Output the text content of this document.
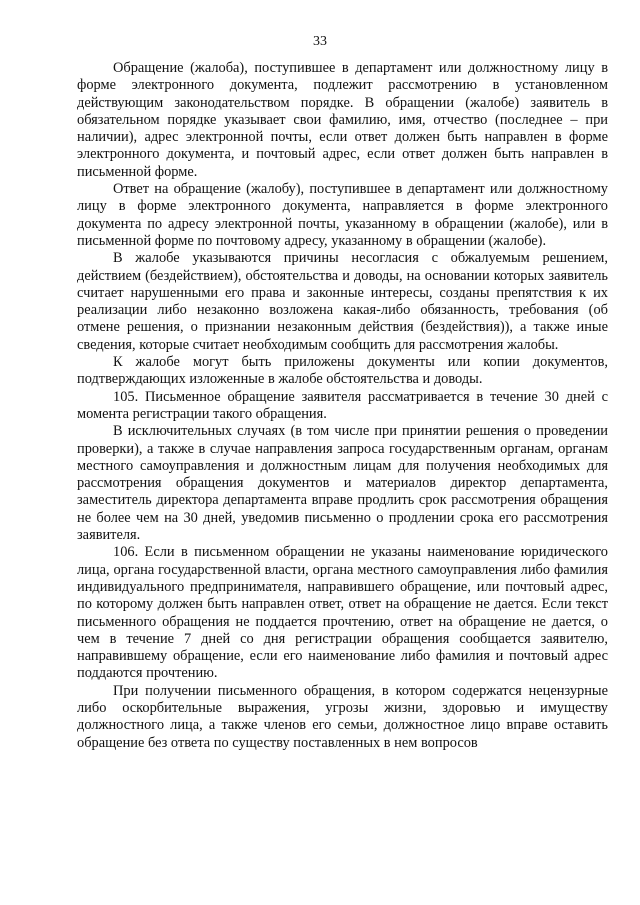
33

Обращение (жалоба), поступившее в департамент или должностному лицу в форме электронного документа, подлежит рассмотрению в установленном действующим законодательством порядке. В обращении (жалобе) заявитель в обязательном порядке указывает свои фамилию, имя, отчество (последнее – при наличии), адрес электронной почты, если ответ должен быть направлен в форме электронного документа, и почтовый адрес, если ответ должен быть направлен в письменной форме.

Ответ на обращение (жалобу), поступившее в департамент или должностному лицу в форме электронного документа, направляется в форме электронного документа по адресу электронной почты, указанному в обращении (жалобе), или в письменной форме по почтовому адресу, указанному в обращении (жалобе).

В жалобе указываются причины несогласия с обжалуемым решением, действием (бездействием), обстоятельства и доводы, на основании которых заявитель считает нарушенными его права и законные интересы, созданы препятствия к их реализации либо незаконно возложена какая-либо обязанность, требования (об отмене решения, о признании незаконным действия (бездействия)), а также иные сведения, которые считает необходимым сообщить для рассмотрения жалобы.

К жалобе могут быть приложены документы или копии документов, подтверждающих изложенные в жалобе обстоятельства и доводы.

105. Письменное обращение заявителя рассматривается в течение 30 дней с момента регистрации такого обращения.

В исключительных случаях (в том числе при принятии решения о проведении проверки), а также в случае направления запроса государственным органам, органам местного самоуправления и должностным лицам для получения необходимых для рассмотрения обращения документов и материалов директор департамента, заместитель директора департамента вправе продлить срок рассмотрения обращения не более чем на 30 дней, уведомив письменно о продлении срока его рассмотрения заявителя.

106. Если в письменном обращении не указаны наименование юридического лица, органа государственной власти, органа местного самоуправления либо фамилия индивидуального предпринимателя, направившего обращение, или почтовый адрес, по которому должен быть направлен ответ, ответ на обращение не дается. Если текст письменного обращения не поддается прочтению, ответ на обращение не дается, о чем в течение 7 дней со дня регистрации обращения сообщается заявителю, направившему обращение, если его наименование либо фамилия и почтовый адрес поддаются прочтению.

При получении письменного обращения, в котором содержатся нецензурные либо оскорбительные выражения, угрозы жизни, здоровью и имуществу должностного лица, а также членов его семьи, должностное лицо вправе оставить обращение без ответа по существу поставленных в нем вопросов
